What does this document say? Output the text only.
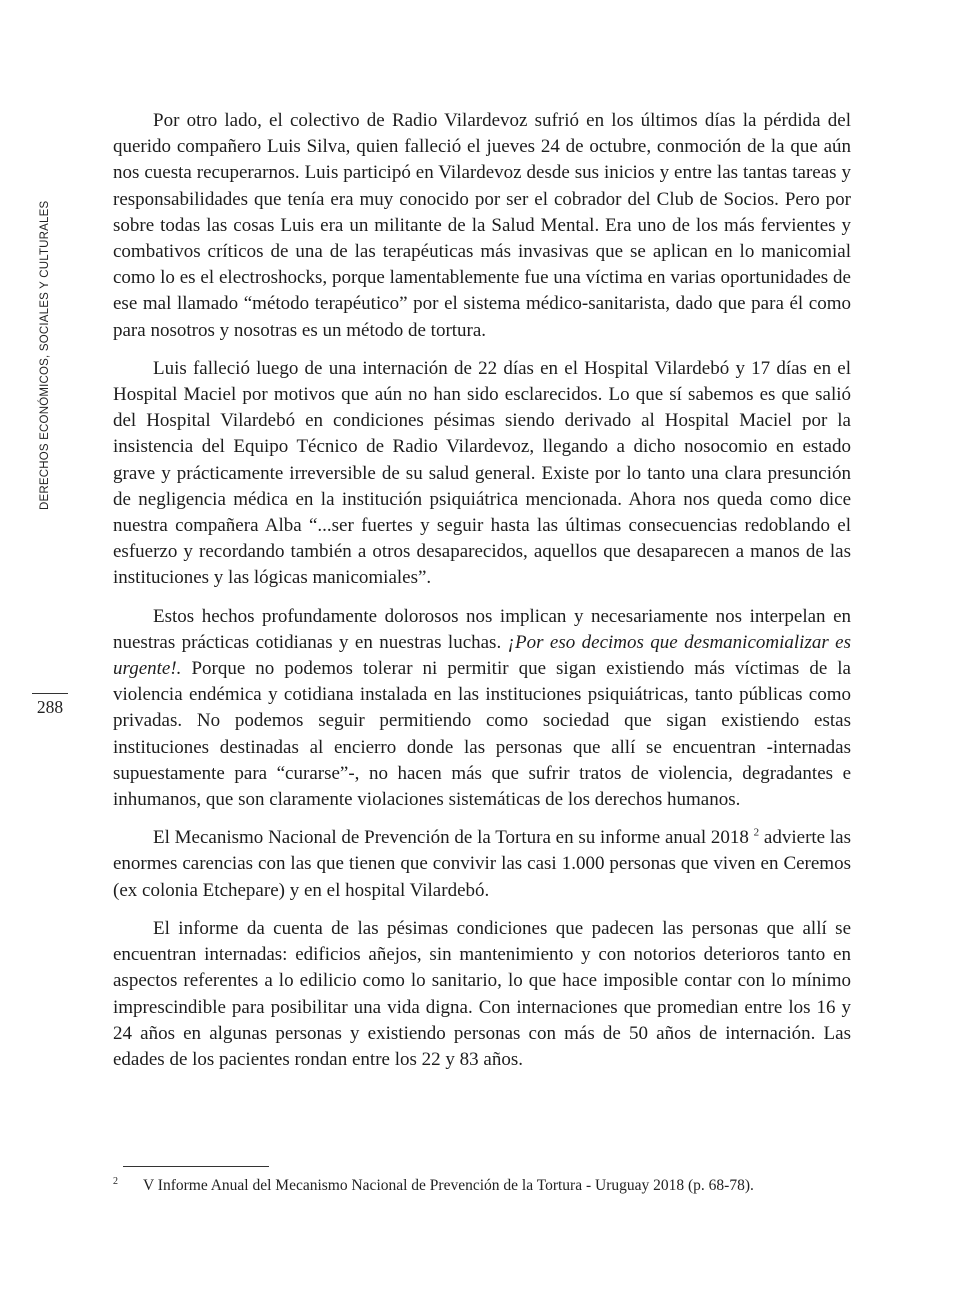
DERECHOS ECONÓMICOS, SOCIALES Y CULTURALES
288

Por otro lado, el colectivo de Radio Vilardevoz sufrió en los últimos días la pérdida del querido compañero Luis Silva, quien falleció el jueves 24 de octubre, conmoción de la que aún nos cuesta recuperarnos. Luis participó en Vilardevoz desde sus inicios y entre las tantas tareas y responsabilidades que tenía era muy conocido por ser el cobrador del Club de Socios. Pero por sobre todas las cosas Luis era un militante de la Salud Mental. Era uno de los más fervientes y combativos críticos de una de las terapéuticas más invasivas que se aplican en lo manicomial como lo es el electroshocks, porque lamentablemente fue una víctima en varias oportunidades de ese mal llamado “método terapéutico” por el sistema médico-sanitarista, dado que para él como para nosotros y nosotras es un método de tortura.

Luis falleció luego de una internación de 22 días en el Hospital Vilardebó y 17 días en el Hospital Maciel por motivos que aún no han sido esclarecidos. Lo que sí sabemos es que salió del Hospital Vilardebó en condiciones pésimas siendo derivado al Hospital Maciel por la insistencia del Equipo Técnico de Radio Vilardevoz, llegando a dicho nosocomio en estado grave y prácticamente irreversible de su salud general. Existe por lo tanto una clara presunción de negligencia médica en la institución psiquiátrica mencionada. Ahora nos queda como dice nuestra compañera Alba “...ser fuertes y seguir hasta las últimas consecuencias redoblando el esfuerzo y recordando también a otros desaparecidos, aquellos que desaparecen a manos de las instituciones y las lógicas manicomiales”.

Estos hechos profundamente dolorosos nos implican y necesariamente nos interpelan en nuestras prácticas cotidianas y en nuestras luchas. ¡Por eso decimos que desmanicomializar es urgente!. Porque no podemos tolerar ni permitir que sigan existiendo más víctimas de la violencia endémica y cotidiana instalada en las instituciones psiquiátricas, tanto públicas como privadas. No podemos seguir permitiendo como sociedad que sigan existiendo estas instituciones destinadas al encierro donde las personas que allí se encuentran -internadas supuestamente para “curarse”-, no hacen más que sufrir tratos de violencia, degradantes e inhumanos, que son claramente violaciones sistemáticas de los derechos humanos.

El Mecanismo Nacional de Prevención de la Tortura en su informe anual 2018 $^2$ advierte las enormes carencias con las que tienen que convivir las casi 1.000 personas que viven en Ceremos (ex colonia Etchepare) y en el hospital Vilardebó.

El informe da cuenta de las pésimas condiciones que padecen las personas que allí se encuentran internadas: edificios añejos, sin mantenimiento y con notorios deterioros tanto en aspectos referentes a lo edilicio como lo sanitario, lo que hace imposible contar con lo mínimo imprescindible para posibilitar una vida digna. Con internaciones que promedian entre los 16 y 24 años en algunas personas y existiendo personas con más de 50 años de internación. Las edades de los pacientes rondan entre los 22 y 83 años.

2 V Informe Anual del Mecanismo Nacional de Prevención de la Tortura - Uruguay 2018 (p. 68-78).
